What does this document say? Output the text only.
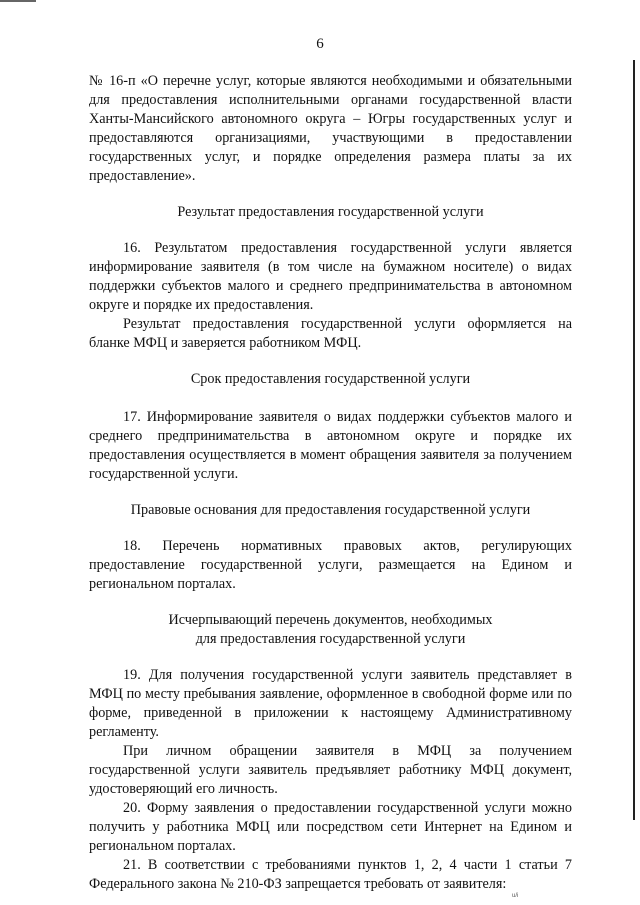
6

№ 16-п «О перечне услуг, которые являются необходимыми и обязательными для предоставления исполнительными органами государственной власти Ханты-Мансийского автономного округа – Югры государственных услуг и предоставляются организациями, участвующими в предоставлении государственных услуг, и порядке определения размера платы за их предоставление».

Результат предоставления государственной услуги

16. Результатом предоставления государственной услуги является информирование заявителя (в том числе на бумажном носителе) о видах поддержки субъектов малого и среднего предпринимательства в автономном округе и порядке их предоставления.

Результат предоставления государственной услуги оформляется на бланке МФЦ и заверяется работником МФЦ.

Срок предоставления государственной услуги

17. Информирование заявителя о видах поддержки субъектов малого и среднего предпринимательства в автономном округе и порядке их предоставления осуществляется в момент обращения заявителя за получением государственной услуги.

Правовые основания для предоставления государственной услуги

18. Перечень нормативных правовых актов, регулирующих предоставление государственной услуги, размещается на Едином и региональном порталах.

Исчерпывающий перечень документов, необходимых

для предоставления государственной услуги

19. Для получения государственной услуги заявитель представляет в МФЦ по месту пребывания заявление, оформленное в свободной форме или по форме, приведенной в приложении к настоящему Административному регламенту.

При личном обращении заявителя в МФЦ за получением государственной услуги заявитель предъявляет работнику МФЦ документ, удостоверяющий его личность.

20. Форму заявления о предоставлении государственной услуги можно получить у работника МФЦ или посредством сети Интернет на Едином и региональном порталах.

21. В соответствии с требованиями пунктов 1, 2, 4 части 1 статьи 7 Федерального закона № 210-ФЗ запрещается требовать от заявителя:

u/i
